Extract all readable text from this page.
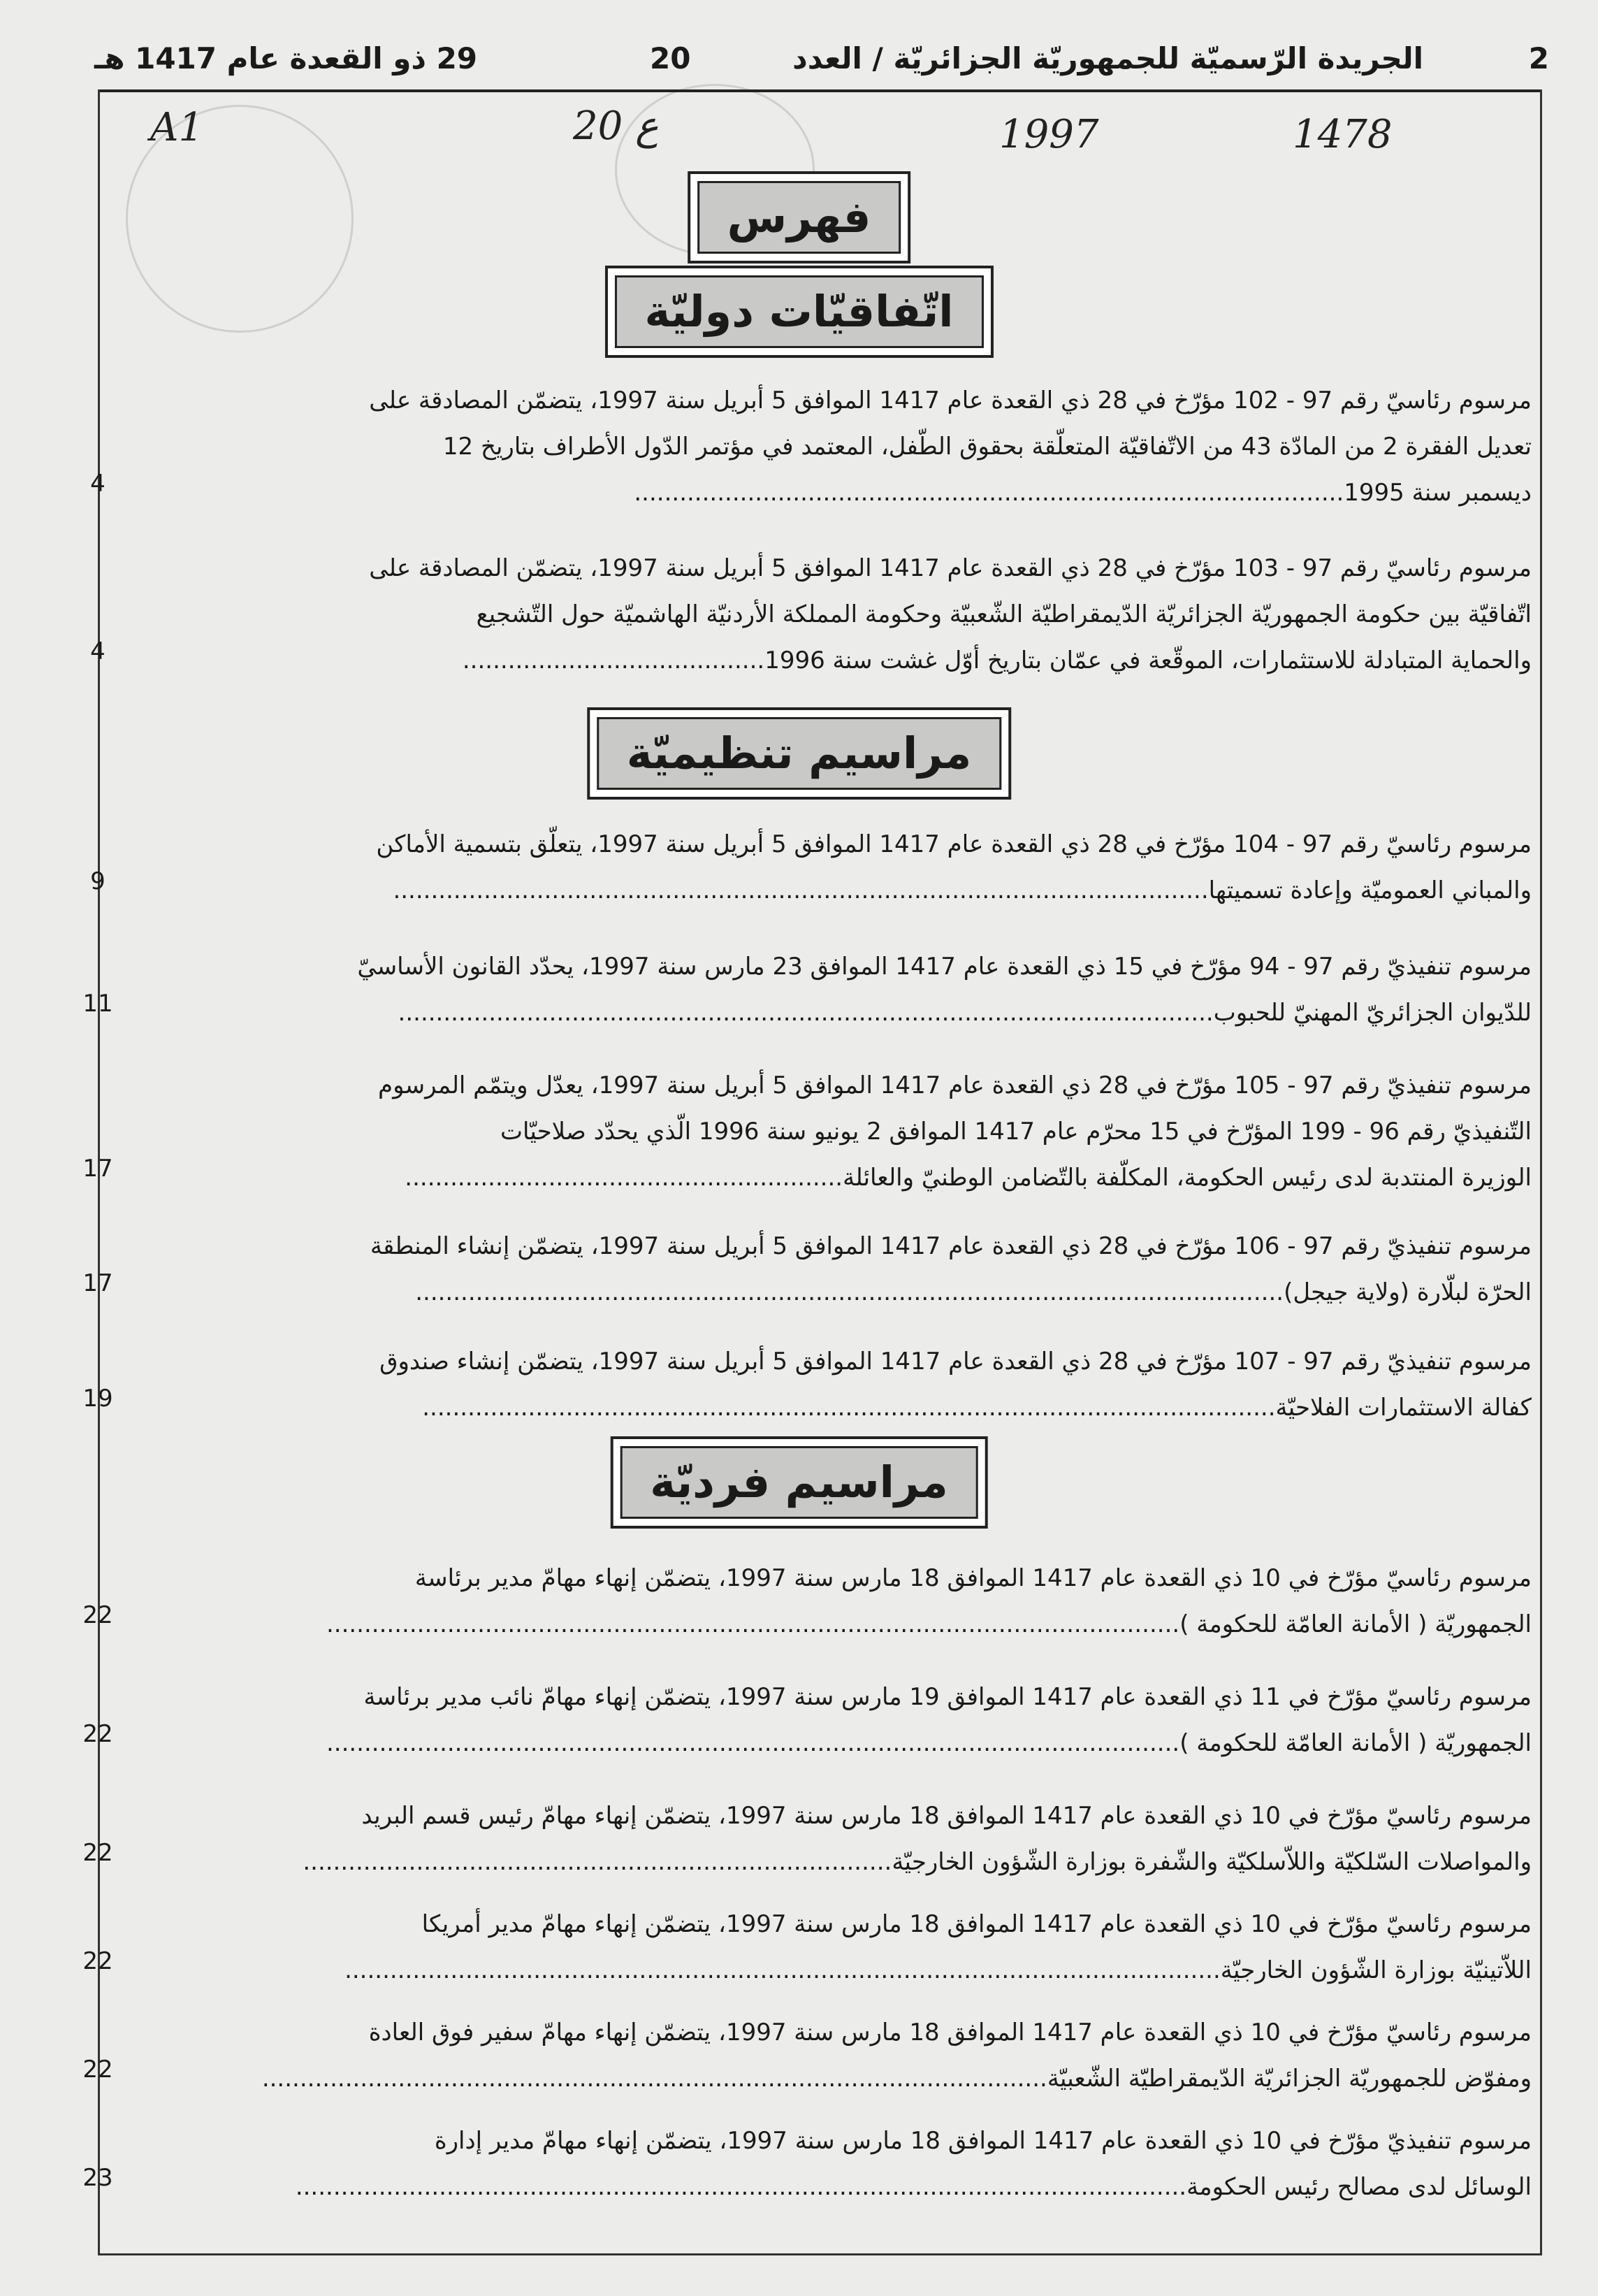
29 ذو القعدة عام 1417 هـ	20	الجريدة الرّسميّة للجمهوريّة الجزائريّة / العدد	2
A1	ع 20	1997	1478
فهرس
اتّفاقيّات دوليّة
مراسيم تنظيميّة
مراسيم فرديّة
مرسوم رئاسيّ رقم 97 - 102 مؤرّخ في 28 ذي القعدة عام 1417 الموافق 5 أبريل سنة 1997، يتضمّن المصادقة على
تعديل الفقرة 2 من المادّة 43 من الاتّفاقيّة المتعلّقة بحقوق الطّفل، المعتمد في مؤتمر الدّول الأطراف بتاريخ 12
ديسمبر سنة 1995..............................................................................................
4
مرسوم رئاسيّ رقم 97 - 103 مؤرّخ في 28 ذي القعدة عام 1417 الموافق 5 أبريل سنة 1997، يتضمّن المصادقة على
اتّفاقيّة بين حكومة الجمهوريّة الجزائريّة الدّيمقراطيّة الشّعبيّة وحكومة المملكة الأردنيّة الهاشميّة حول التّشجيع
والحماية المتبادلة للاستثمارات، الموقّعة في عمّان بتاريخ أوّل غشت سنة 1996........................................
4
مرسوم رئاسيّ رقم 97 - 104 مؤرّخ في 28 ذي القعدة عام 1417 الموافق 5 أبريل سنة 1997، يتعلّق بتسمية الأماكن
والمباني العموميّة وإعادة تسميتها............................................................................................................
9
مرسوم تنفيذيّ رقم 97 - 94 مؤرّخ في 15 ذي القعدة عام 1417 الموافق 23 مارس سنة 1997، يحدّد القانون الأساسيّ
للدّيوان الجزائريّ المهنيّ للحبوب............................................................................................................
11
مرسوم تنفيذيّ رقم 97 - 105 مؤرّخ في 28 ذي القعدة عام 1417 الموافق 5 أبريل سنة 1997، يعدّل ويتمّم المرسوم
التّنفيذيّ رقم 96 - 199 المؤرّخ في 15 محرّم عام 1417 الموافق 2 يونيو سنة 1996 الّذي يحدّد صلاحيّات
الوزيرة المنتدبة لدى رئيس الحكومة، المكلّفة بالتّضامن الوطنيّ والعائلة..........................................................
17
مرسوم تنفيذيّ رقم 97 - 106 مؤرّخ في 28 ذي القعدة عام 1417 الموافق 5 أبريل سنة 1997، يتضمّن إنشاء المنطقة
الحرّة لبلّارة (ولاية جيجل)...................................................................................................................
17
مرسوم تنفيذيّ رقم 97 - 107 مؤرّخ في 28 ذي القعدة عام 1417 الموافق 5 أبريل سنة 1997، يتضمّن إنشاء صندوق
كفالة الاستثمارات الفلاحيّة.................................................................................................................
19
مرسوم رئاسيّ مؤرّخ في 10 ذي القعدة عام 1417 الموافق 18 مارس سنة 1997، يتضمّن إنهاء مهامّ مدير برئاسة
الجمهوريّة ( الأمانة العامّة للحكومة ).................................................................................................................
22
مرسوم رئاسيّ مؤرّخ في 11 ذي القعدة عام 1417 الموافق 19 مارس سنة 1997، يتضمّن إنهاء مهامّ نائب مدير برئاسة
الجمهوريّة ( الأمانة العامّة للحكومة ).................................................................................................................
22
مرسوم رئاسيّ مؤرّخ في 10 ذي القعدة عام 1417 الموافق 18 مارس سنة 1997، يتضمّن إنهاء مهامّ رئيس قسم البريد
والمواصلات السّلكيّة واللاّسلكيّة والشّفرة بوزارة الشّؤون الخارجيّة..............................................................................
22
مرسوم رئاسيّ مؤرّخ في 10 ذي القعدة عام 1417 الموافق 18 مارس سنة 1997، يتضمّن إنهاء مهامّ مدير أمريكا
اللاّتينيّة بوزارة الشّؤون الخارجيّة....................................................................................................................
22
مرسوم رئاسيّ مؤرّخ في 10 ذي القعدة عام 1417 الموافق 18 مارس سنة 1997، يتضمّن إنهاء مهامّ سفير فوق العادة
ومفوّض للجمهوريّة الجزائريّة الدّيمقراطيّة الشّعبيّة........................................................................................................
22
مرسوم تنفيذيّ مؤرّخ في 10 ذي القعدة عام 1417 الموافق 18 مارس سنة 1997، يتضمّن إنهاء مهامّ مدير إدارة
الوسائل لدى مصالح رئيس الحكومة......................................................................................................................
23
